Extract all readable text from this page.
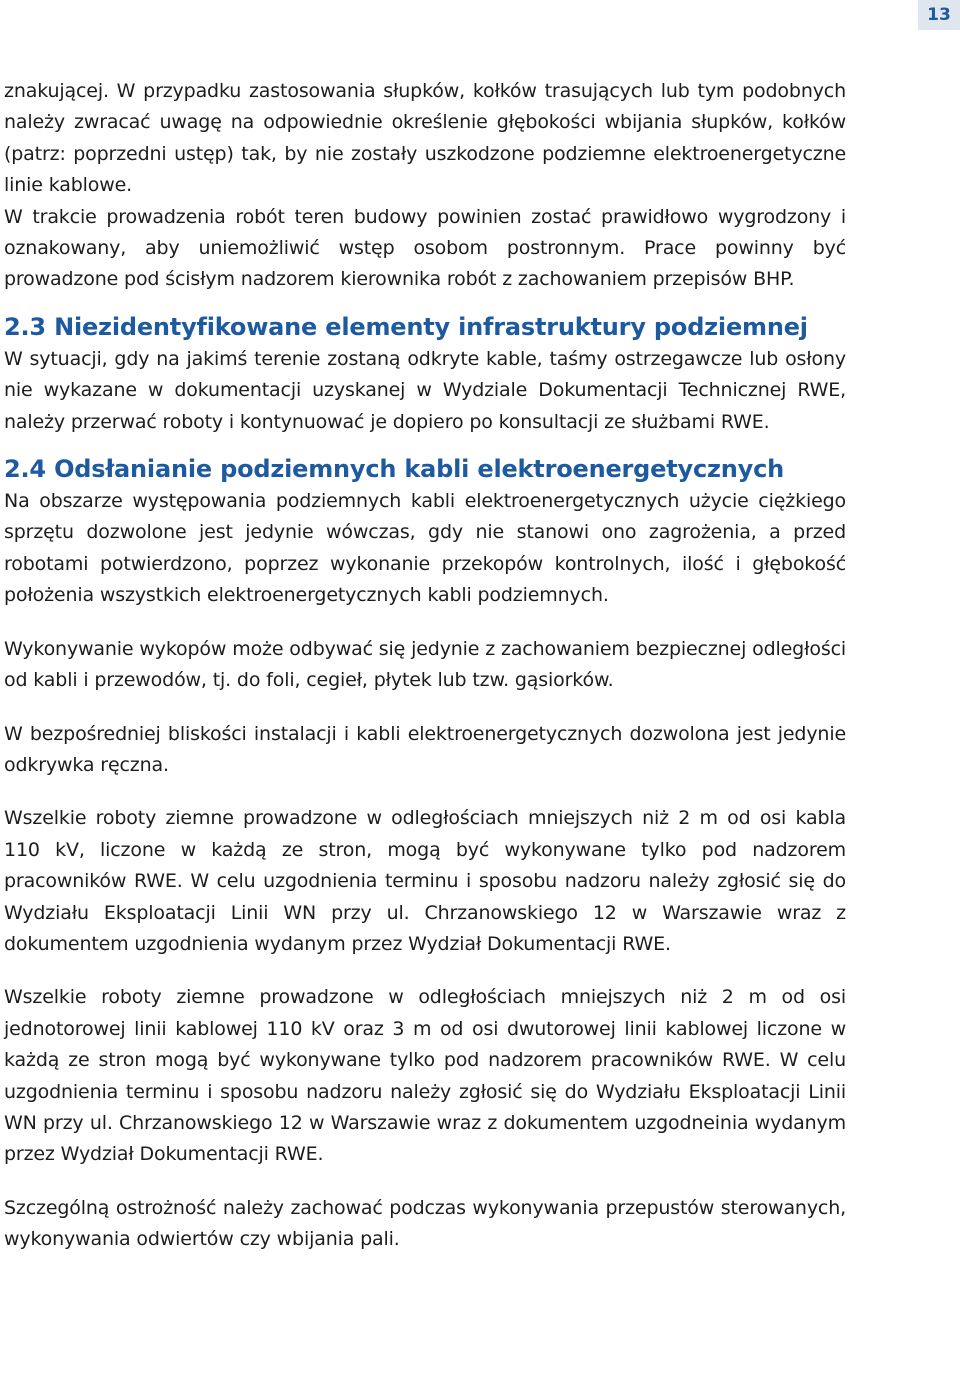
13

znakującej. W przypadku zastosowania słupków, kołków trasujących lub tym podobnych należy zwracać uwagę na odpowiednie określenie głębokości wbijania słupków, kołków (patrz: poprzedni ustęp) tak, by nie zostały uszkodzone podziemne elektroenergetyczne linie kablowe.

W trakcie prowadzenia robót teren budowy powinien zostać prawidłowo wygrodzony i oznakowany, aby uniemożliwić wstęp osobom postronnym. Prace powinny być prowadzone pod ścisłym nadzorem kierownika robót z zachowaniem przepisów BHP.

2.3 Niezidentyfikowane elementy infrastruktury podziemnej

W sytuacji, gdy na jakimś terenie zostaną odkryte kable, taśmy ostrzegawcze lub osłony nie wykazane w dokumentacji uzyskanej w Wydziale Dokumentacji Technicznej RWE, należy przerwać roboty i kontynuować je dopiero po konsultacji ze służbami RWE.

2.4 Odsłanianie podziemnych kabli elektroenergetycznych

Na obszarze występowania podziemnych kabli elektroenergetycznych użycie ciężkiego sprzętu dozwolone jest jedynie wówczas, gdy nie stanowi ono zagrożenia, a przed robotami potwierdzono, poprzez wykonanie przekopów kontrolnych, ilość i głębokość położenia wszystkich elektroenergetycznych kabli podziemnych.

Wykonywanie wykopów może odbywać się jedynie z zachowaniem bezpiecznej odległości od kabli i przewodów, tj. do foli, cegieł, płytek lub tzw. gąsiorków.

W bezpośredniej bliskości instalacji i kabli elektroenergetycznych dozwolona jest jedynie odkrywka ręczna.

Wszelkie roboty ziemne prowadzone w odległościach mniejszych niż 2 m od osi kabla 110 kV, liczone w każdą ze stron, mogą być wykonywane tylko pod nadzorem pracowników RWE. W celu uzgodnienia terminu i sposobu nadzoru należy zgłosić się do Wydziału Eksploatacji Linii WN przy ul. Chrzanowskiego 12 w Warszawie wraz z dokumentem uzgodnienia wydanym przez Wydział Dokumentacji RWE.

Wszelkie roboty ziemne prowadzone w odległościach mniejszych niż 2 m od osi jednotorowej linii kablowej 110 kV oraz 3 m od osi dwutorowej linii kablowej liczone w każdą ze stron mogą być wykonywane tylko pod nadzorem pracowników RWE. W celu uzgodnienia terminu i sposobu nadzoru należy zgłosić się do Wydziału Eksploatacji Linii WN przy ul. Chrzanowskiego 12 w Warszawie wraz z dokumentem uzgodneinia wydanym przez Wydział Dokumentacji RWE.

Szczególną ostrożność należy zachować podczas wykonywania przepustów sterowanych, wykonywania odwiertów czy wbijania pali.
